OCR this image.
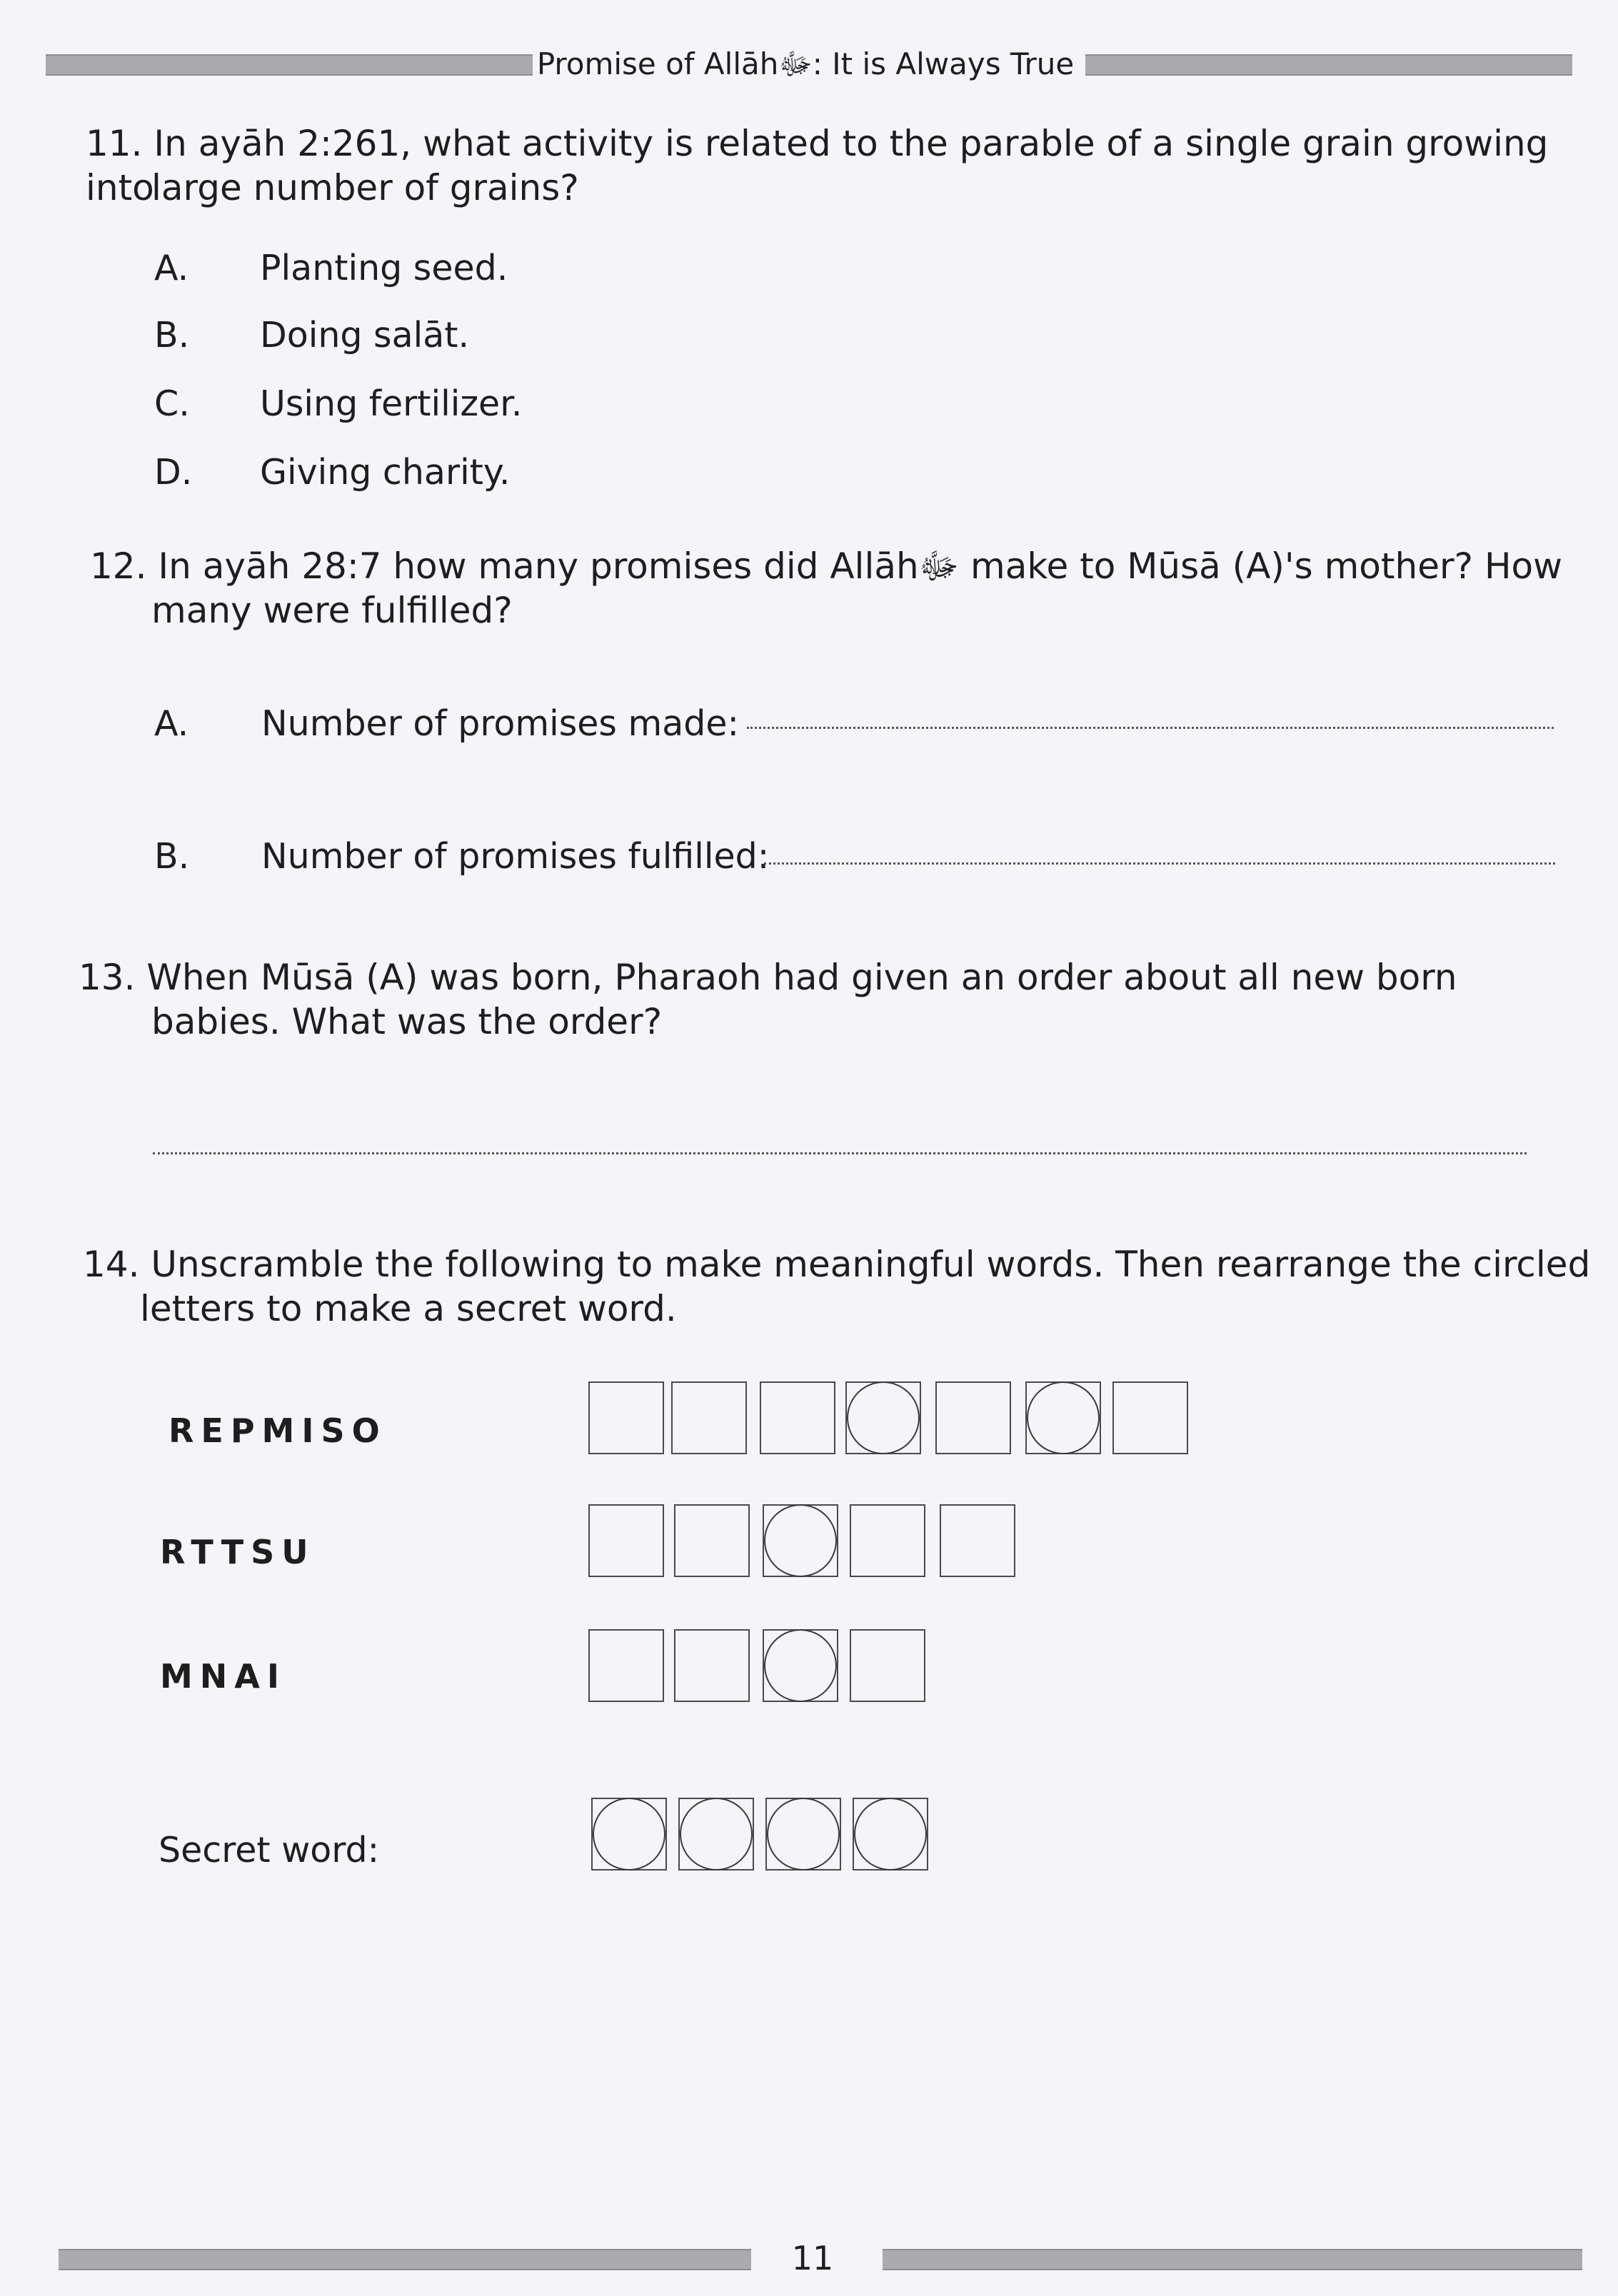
Promise of Allāhﷻ: It is Always True
11. In ayāh 2:261, what activity is related to the parable of a single grain growing into
large number of grains?
A. Planting seed.
B. Doing salāt.
C. Using fertilizer.
D. Giving charity.
12. In ayāh 28:7 how many promises did Allāhﷻ make to Mūsā (A)'s mother? How
many were fulfilled?
A. Number of promises made:
B. Number of promises fulfilled:
13. When Mūsā (A) was born, Pharaoh had given an order about all new born
babies. What was the order?
14. Unscramble the following to make meaningful words. Then rearrange the circled
letters to make a secret word.
REPMISO
RTTSU
MNAI
Secret word:
11
